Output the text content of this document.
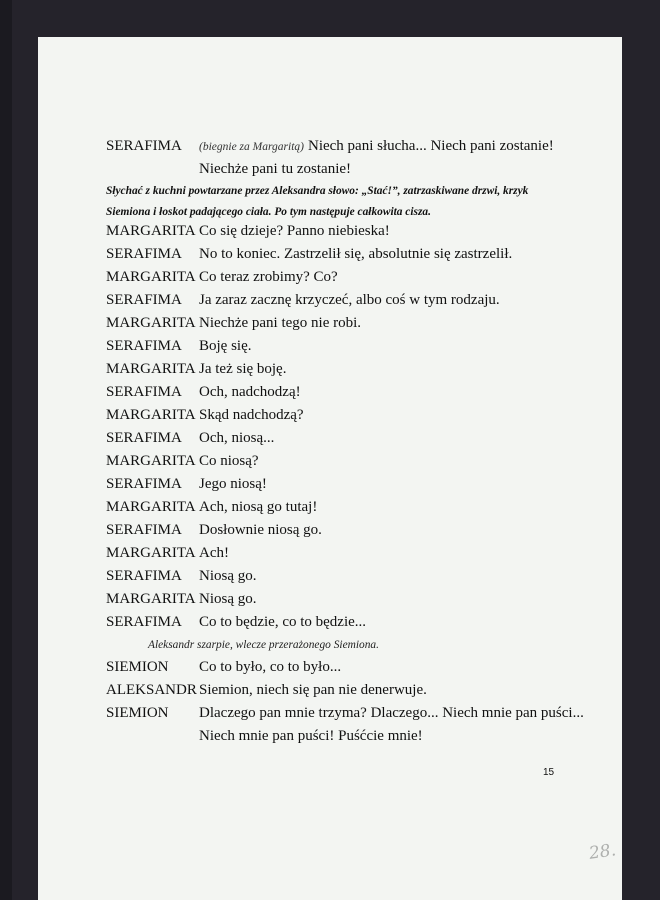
SERAFIMA (biegnie za Margaritą) Niech pani słucha... Niech pani zostanie!
Niechże pani tu zostanie!
Słychać z kuchni powtarzane przez Aleksandra słowo: „Stać!”, zatrzaskiwane drzwi, krzyk
Siemiona i łoskot padającego ciała. Po tym następuje całkowita cisza.
MARGARITA Co się dzieje? Panno niebieska!
SERAFIMA No to koniec. Zastrzelił się, absolutnie się zastrzelił.
MARGARITA Co teraz zrobimy? Co?
SERAFIMA Ja zaraz zacznę krzyczeć, albo coś w tym rodzaju.
MARGARITA Niechże pani tego nie robi.
SERAFIMA Boję się.
MARGARITA Ja też się boję.
SERAFIMA Och, nadchodzą!
MARGARITA Skąd nadchodzą?
SERAFIMA Och, niosą...
MARGARITA Co niosą?
SERAFIMA Jego niosą!
MARGARITA Ach, niosą go tutaj!
SERAFIMA Dosłownie niosą go.
MARGARITA Ach!
SERAFIMA Niosą go.
MARGARITA Niosą go.
SERAFIMA Co to będzie, co to będzie...
Aleksandr szarpie, wlecze przerażonego Siemiona.
SIEMION Co to było, co to było...
ALEKSANDR Siemion, niech się pan nie denerwuje.
SIEMION Dlaczego pan mnie trzyma? Dlaczego... Niech mnie pan puści...
Niech mnie pan puści! Puśćcie mnie!
15
28.
